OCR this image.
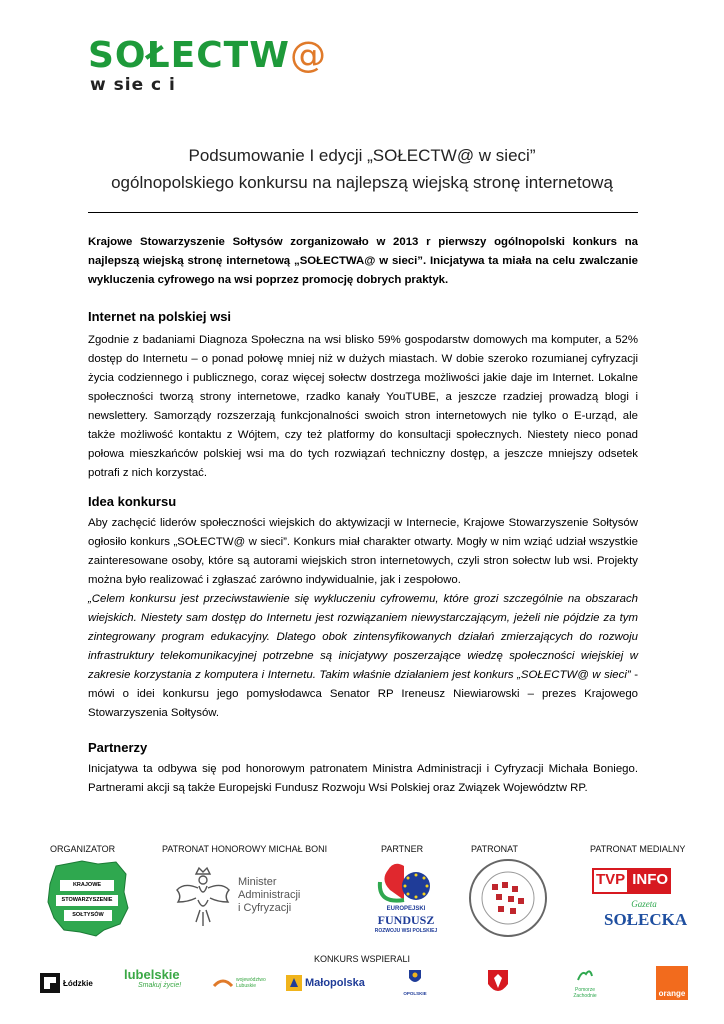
SOŁECTW@
w sie c i
Podsumowanie I edycji „SOŁECTW@ w sieci”
ogólnopolskiego konkursu na najlepszą wiejską stronę internetową
Krajowe Stowarzyszenie Sołtysów zorganizowało w 2013 r pierwszy ogólnopolski konkurs na najlepszą wiejską stronę internetową „SOŁECTWA@ w sieci”. Inicjatywa ta miała na celu zwalczanie wykluczenia cyfrowego na wsi poprzez promocję dobrych praktyk.
Internet na polskiej wsi
Zgodnie z badaniami Diagnoza Społeczna na wsi blisko 59% gospodarstw domowych ma komputer, a 52% dostęp do Internetu – o ponad połowę mniej niż w dużych miastach. W dobie szeroko rozumianej cyfryzacji życia codziennego i publicznego, coraz więcej sołectw dostrzega możliwości jakie daje im Internet. Lokalne społeczności tworzą strony internetowe, rzadko kanały YouTUBE, a jeszcze rzadziej prowadzą blogi i newslettery. Samorządy rozszerzają funkcjonalności swoich stron internetowych nie tylko o E-urząd, ale także możliwość kontaktu z Wójtem, czy też platformy do konsultacji społecznych. Niestety nieco ponad połowa mieszkańców polskiej wsi ma do tych rozwiązań techniczny dostęp, a jeszcze mniejszy odsetek potrafi z nich korzystać.
Idea konkursu
Aby zachęcić liderów społeczności wiejskich do aktywizacji w Internecie, Krajowe Stowarzyszenie Sołtysów ogłosiło konkurs „SOŁECTW@ w sieci”. Konkurs miał charakter otwarty. Mogły w nim wziąć udział wszystkie zainteresowane osoby, które są autorami wiejskich stron internetowych, czyli stron sołectw lub wsi. Projekty można było realizować i zgłaszać zarówno indywidualnie, jak i zespołowo.
„Celem konkursu jest przeciwstawienie się wykluczeniu cyfrowemu, które grozi szczególnie na obszarach wiejskich. Niestety sam dostęp do Internetu jest rozwiązaniem niewystarczającym, jeżeli nie pójdzie za tym zintegrowany program edukacyjny. Dlatego obok zintensyfikowanych działań zmierzających do rozwoju infrastruktury telekomunikacyjnej potrzebne są inicjatywy poszerzające wiedzę społeczności wiejskiej w zakresie korzystania z komputera i Internetu. Takim właśnie działaniem jest konkurs „SOŁECTW@ w sieci” - mówi o idei konkursu jego pomysłodawca Senator RP Ireneusz Niewiarowski – prezes Krajowego Stowarzyszenia Sołtysów.
Partnerzy
Inicjatywa ta odbywa się pod honorowym patronatem Ministra Administracji i Cyfryzacji Michała Boniego. Partnerami akcji są także Europejski Fundusz Rozwoju Wsi Polskiej oraz Związek Województw RP.
ORGANIZATOR	PATRONAT HONOROWY MICHAŁ BONI	PARTNER	PATRONAT	PATRONAT MEDIALNY
KRAJOWE
STOWARZYSZENIE
SOŁTYSÓW
Minister
Administracji
i Cyfryzacji	EUROPEJSKI
FUNDUSZ
ROZWOJU WSI POLSKIEJ
TVP INFO
Gazeta
SOŁECKA
KONKURS WSPIERALI
Łódzkie
lubelskie
Smakuj życie!
województwo Lubuskie	Małopolska
OPOLSKIE
Pomorze Zachodnie	orange
